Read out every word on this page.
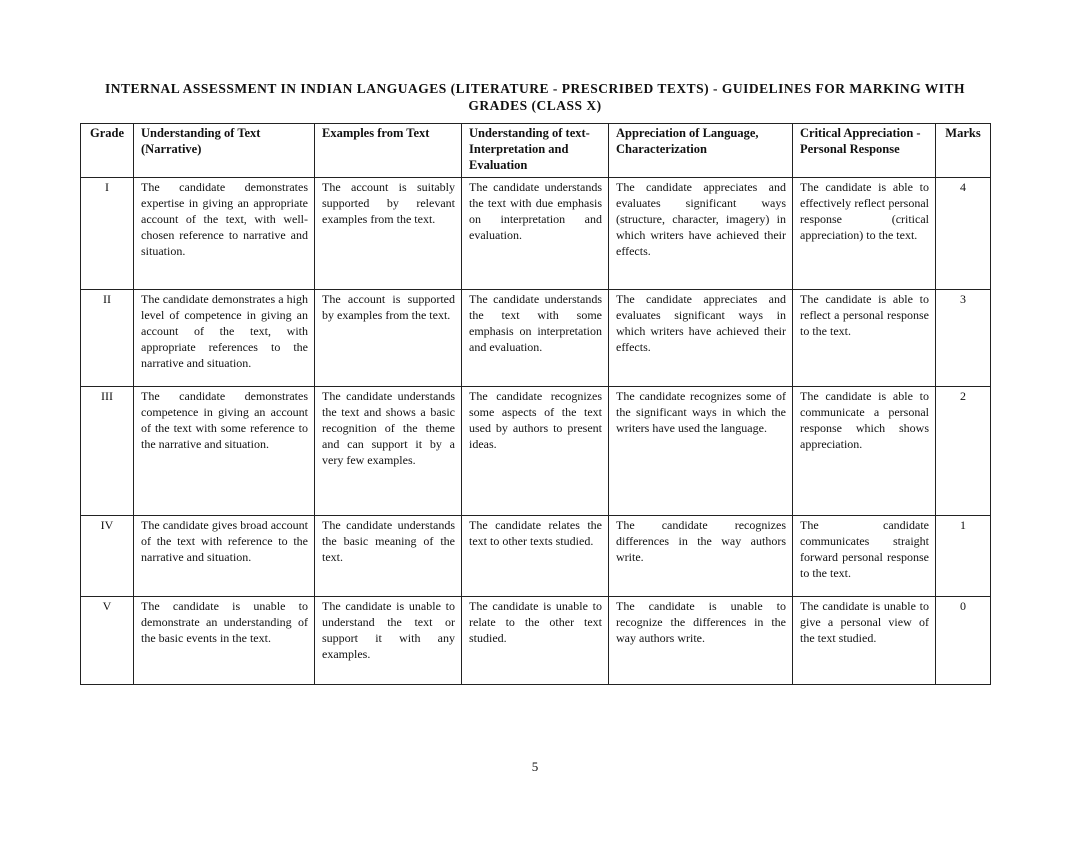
INTERNAL ASSESSMENT IN INDIAN LANGUAGES (LITERATURE - PRESCRIBED TEXTS) - GUIDELINES FOR MARKING WITH GRADES (CLASS X)
Grade	Understanding of Text (Narrative)	Examples from Text	Understanding of text- Interpretation and Evaluation	Appreciation of Language, Characterization	Critical Appreciation -Personal Response	Marks
I	The candidate demonstrates expertise in giving an appropriate account of the text, with well-chosen reference to narrative and situation.	The account is suitably supported by relevant examples from the text.	The candidate understands the text with due emphasis on interpretation and evaluation.	The candidate appreciates and evaluates significant ways (structure, character, imagery) in which writers have achieved their effects.	The candidate is able to effectively reflect personal response (critical appreciation) to the text.	4
II	The candidate demonstrates a high level of competence in giving an account of the text, with appropriate references to the narrative and situation.	The account is supported by examples from the text.	The candidate understands the text with some emphasis on interpretation and evaluation.	The candidate appreciates and evaluates significant ways in which writers have achieved their effects.	The candidate is able to reflect a personal response to the text.	3
III	The candidate demonstrates competence in giving an account of the text with some reference to the narrative and situation.	The candidate understands the text and shows a basic recognition of the theme and can support it by a very few examples.	The candidate recognizes some aspects of the text used by authors to present ideas.	The candidate recognizes some of the significant ways in which the writers have used the language.	The candidate is able to communicate a personal response which shows appreciation.	2
IV	The candidate gives broad account of the text with reference to the narrative and situation.	The candidate understands the basic meaning of the text.	The candidate relates the text to other texts studied.	The candidate recognizes differences in the way authors write.	The candidate communicates straight forward personal response to the text.	1
V	The candidate is unable to demonstrate an understanding of the basic events in the text.	The candidate is unable to understand the text or support it with any examples.	The candidate is unable to relate to the other text studied.	The candidate is unable to recognize the differences in the way authors write.	The candidate is unable to give a personal view of the text studied.	0
5
